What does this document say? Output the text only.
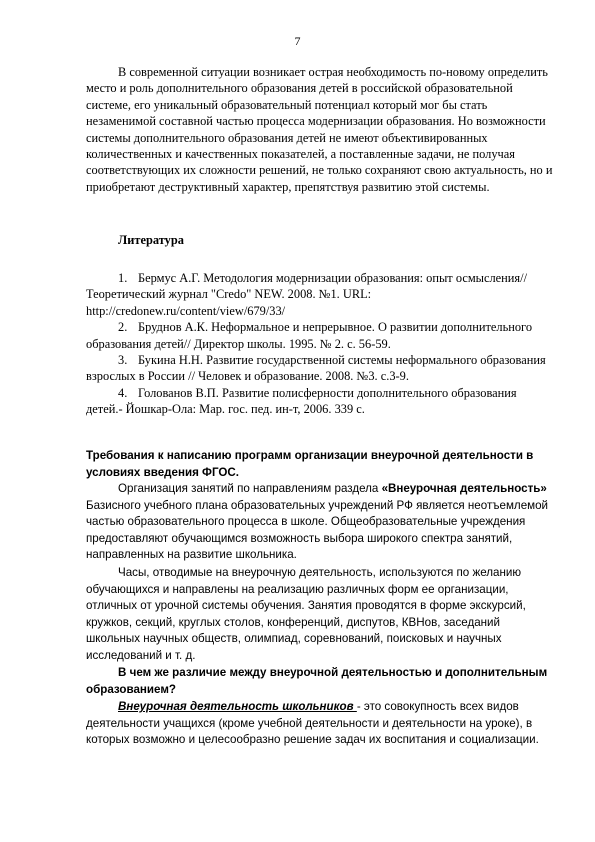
7

В современной ситуации возникает острая необходимость по-новому определить место и роль дополнительного образования детей в российской образовательной системе, его уникальный образовательный потенциал который мог бы стать незаменимой составной частью процесса модернизации образования. Но возможности системы дополнительного образования детей не имеют объективированных количественных и качественных показателей, а поставленные задачи, не получая соответствующих их сложности решений, не только сохраняют свою актуальность, но и приобретают деструктивный характер, препятствуя развитию этой системы.

Литература

1. Бермус А.Г. Методология модернизации образования: опыт осмысления//Теоретический журнал "Credo" NEW. 2008. №1. URL: http://credonew.ru/content/view/679/33/
2. Бруднов А.К. Неформальное и непрерывное. О развитии дополнительного образования детей// Директор школы. 1995. № 2. с. 56-59.
3. Букина Н.Н. Развитие государственной системы неформального образования взрослых в России // Человек и образование. 2008. №3. с.3-9.
4. Голованов В.П. Развитие полисферности дополнительного образования детей.- Йошкар-Ола: Мар. гос. пед. ин-т, 2006. 339 с.

Требования к написанию программ организации внеурочной деятельности в условиях введения ФГОС.

Организация занятий по направлениям раздела «Внеурочная деятельность» Базисного учебного плана образовательных учреждений РФ является неотъемлемой частью образовательного процесса в школе. Общеобразовательные учреждения предоставляют обучающимся возможность выбора широкого спектра занятий, направленных на развитие школьника.

Часы, отводимые на внеурочную деятельность, используются по желанию обучающихся и направлены на реализацию различных форм ее организации, отличных от урочной системы обучения. Занятия проводятся в форме экскурсий, кружков, секций, круглых столов, конференций, диспутов, КВНов, заседаний школьных научных обществ, олимпиад, соревнований, поисковых и научных исследований и т. д.

В чем же различие между внеурочной деятельностью и дополнительным образованием?

Внеурочная деятельность школьников - это совокупность всех видов деятельности учащихся (кроме учебной деятельности и деятельности на уроке), в которых возможно и целесообразно решение задач их воспитания и социализации.
